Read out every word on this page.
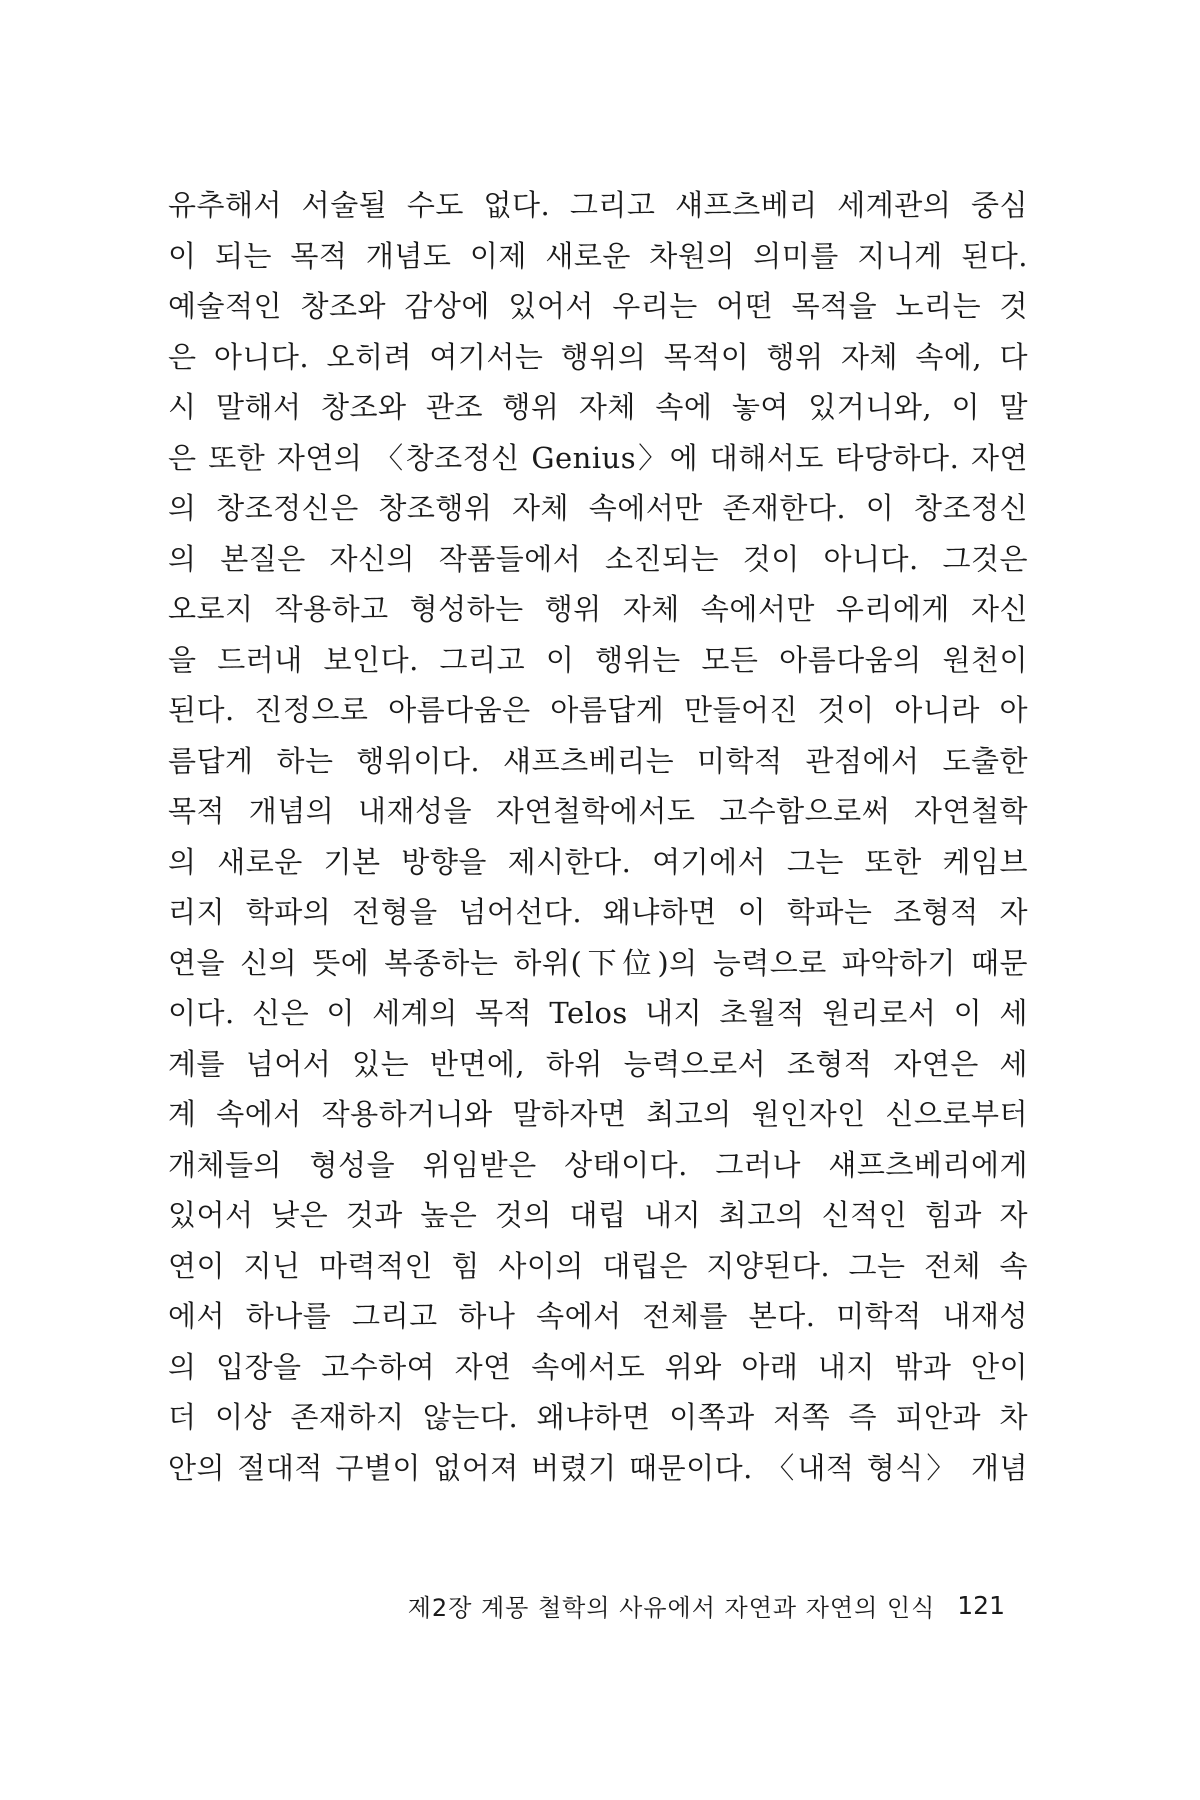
유추해서 서술될 수도 없다. 그리고 섀프츠베리 세계관의 중심
이 되는 목적 개념도 이제 새로운 차원의 의미를 지니게 된다.
예술적인 창조와 감상에 있어서 우리는 어떤 목적을 노리는 것
은 아니다. 오히려 여기서는 행위의 목적이 행위 자체 속에, 다
시 말해서 창조와 관조 행위 자체 속에 놓여 있거니와, 이 말
은 또한 자연의 〈창조정신 Genius〉에 대해서도 타당하다. 자연
의 창조정신은 창조행위 자체 속에서만 존재한다. 이 창조정신
의 본질은 자신의 작품들에서 소진되는 것이 아니다. 그것은
오로지 작용하고 형성하는 행위 자체 속에서만 우리에게 자신
을 드러내 보인다. 그리고 이 행위는 모든 아름다움의 원천이
된다. 진정으로 아름다움은 아름답게 만들어진 것이 아니라 아
름답게 하는 행위이다. 섀프츠베리는 미학적 관점에서 도출한
목적 개념의 내재성을 자연철학에서도 고수함으로써 자연철학
의 새로운 기본 방향을 제시한다. 여기에서 그는 또한 케임브
리지 학파의 전형을 넘어선다. 왜냐하면 이 학파는 조형적 자
연을 신의 뜻에 복종하는 하위(下位)의 능력으로 파악하기 때문
이다. 신은 이 세계의 목적 Telos 내지 초월적 원리로서 이 세
계를 넘어서 있는 반면에, 하위 능력으로서 조형적 자연은 세
계 속에서 작용하거니와 말하자면 최고의 원인자인 신으로부터
개체들의 형성을 위임받은 상태이다. 그러나 섀프츠베리에게
있어서 낮은 것과 높은 것의 대립 내지 최고의 신적인 힘과 자
연이 지닌 마력적인 힘 사이의 대립은 지양된다. 그는 전체 속
에서 하나를 그리고 하나 속에서 전체를 본다. 미학적 내재성
의 입장을 고수하여 자연 속에서도 위와 아래 내지 밖과 안이
더 이상 존재하지 않는다. 왜냐하면 이쪽과 저쪽 즉 피안과 차
안의 절대적 구별이 없어져 버렸기 때문이다. 〈내적 형식〉 개념
제2장 계몽 철학의 사유에서 자연과 자연의 인식 121
